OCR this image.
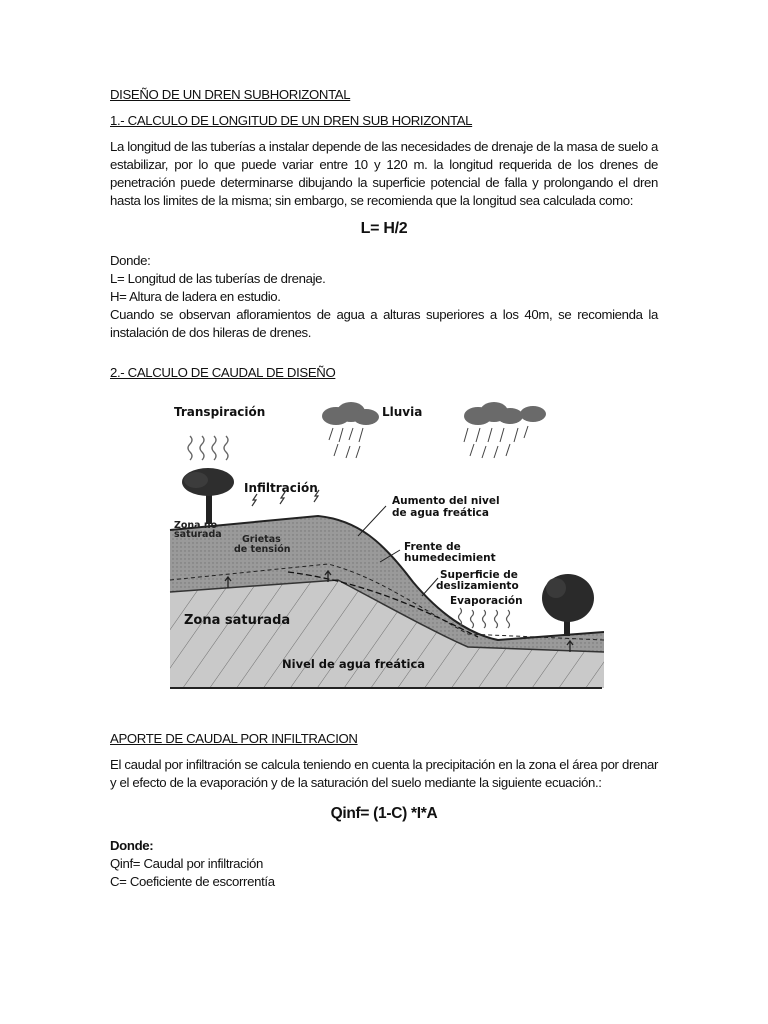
DISEÑO DE UN DREN SUBHORIZONTAL
1.- CALCULO DE LONGITUD DE UN DREN SUB HORIZONTAL

La longitud de las tuberías a instalar depende de las necesidades de drenaje de la masa de suelo a estabilizar, por lo que puede variar entre 10 y 120 m. la longitud requerida de los drenes de penetración puede determinarse dibujando la superficie potencial de falla y prolongando el dren hasta los limites de la misma; sin embargo, se recomienda que la longitud sea calculada como:

L= H/2
Donde:
L= Longitud de las tuberías de drenaje.
H= Altura de ladera en estudio.

Cuando se observan afloramientos de agua a alturas superiores a los 40m, se recomienda la instalación de dos hileras de drenes.

2.- CALCULO DE CAUDAL DE DISEÑO
Transpiración	Lluvia
Infiltración
Aumento del nivel
de agua freática
Zona no
saturada Grietas
de tensión	Frente de
humedecimient
Superficie de
deslizamiento
Evaporación
Zona saturada
Nivel de agua freática
APORTE DE CAUDAL POR INFILTRACION

El caudal por infiltración se calcula teniendo en cuenta la precipitación en la zona el área por drenar y el efecto de la evaporación y de la saturación del suelo mediante la siguiente ecuación.:

Qinf= (1-C) *I*A
Donde:
Qinf= Caudal por infiltración
C= Coeficiente de escorrentía
